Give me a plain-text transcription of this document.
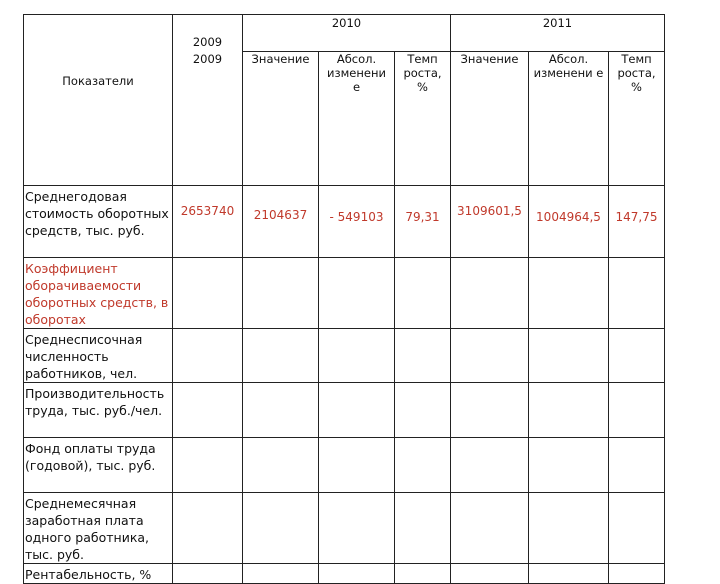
Показатели	2009	2010			2011		

	2009	Значение	Абсол. изменени е	Темп роста, %	Значение	Абсол. изменени е	Темп роста, %

Среднегодовая стоимость оборотных средств, тыс. руб.	2653740	2104637	- 549103	79,31	3109601,5	1004964,5	147,75

Коэффициент оборачиваемости оборотных средств, в оборотах							
Среднесписочная численность работников, чел.							
Производительность труда, тыс. руб./чел.							
Фонд оплаты труда (годовой), тыс. руб.							
Среднемесячная заработная плата одного работника, тыс. руб.							
Рентабельность, %							
